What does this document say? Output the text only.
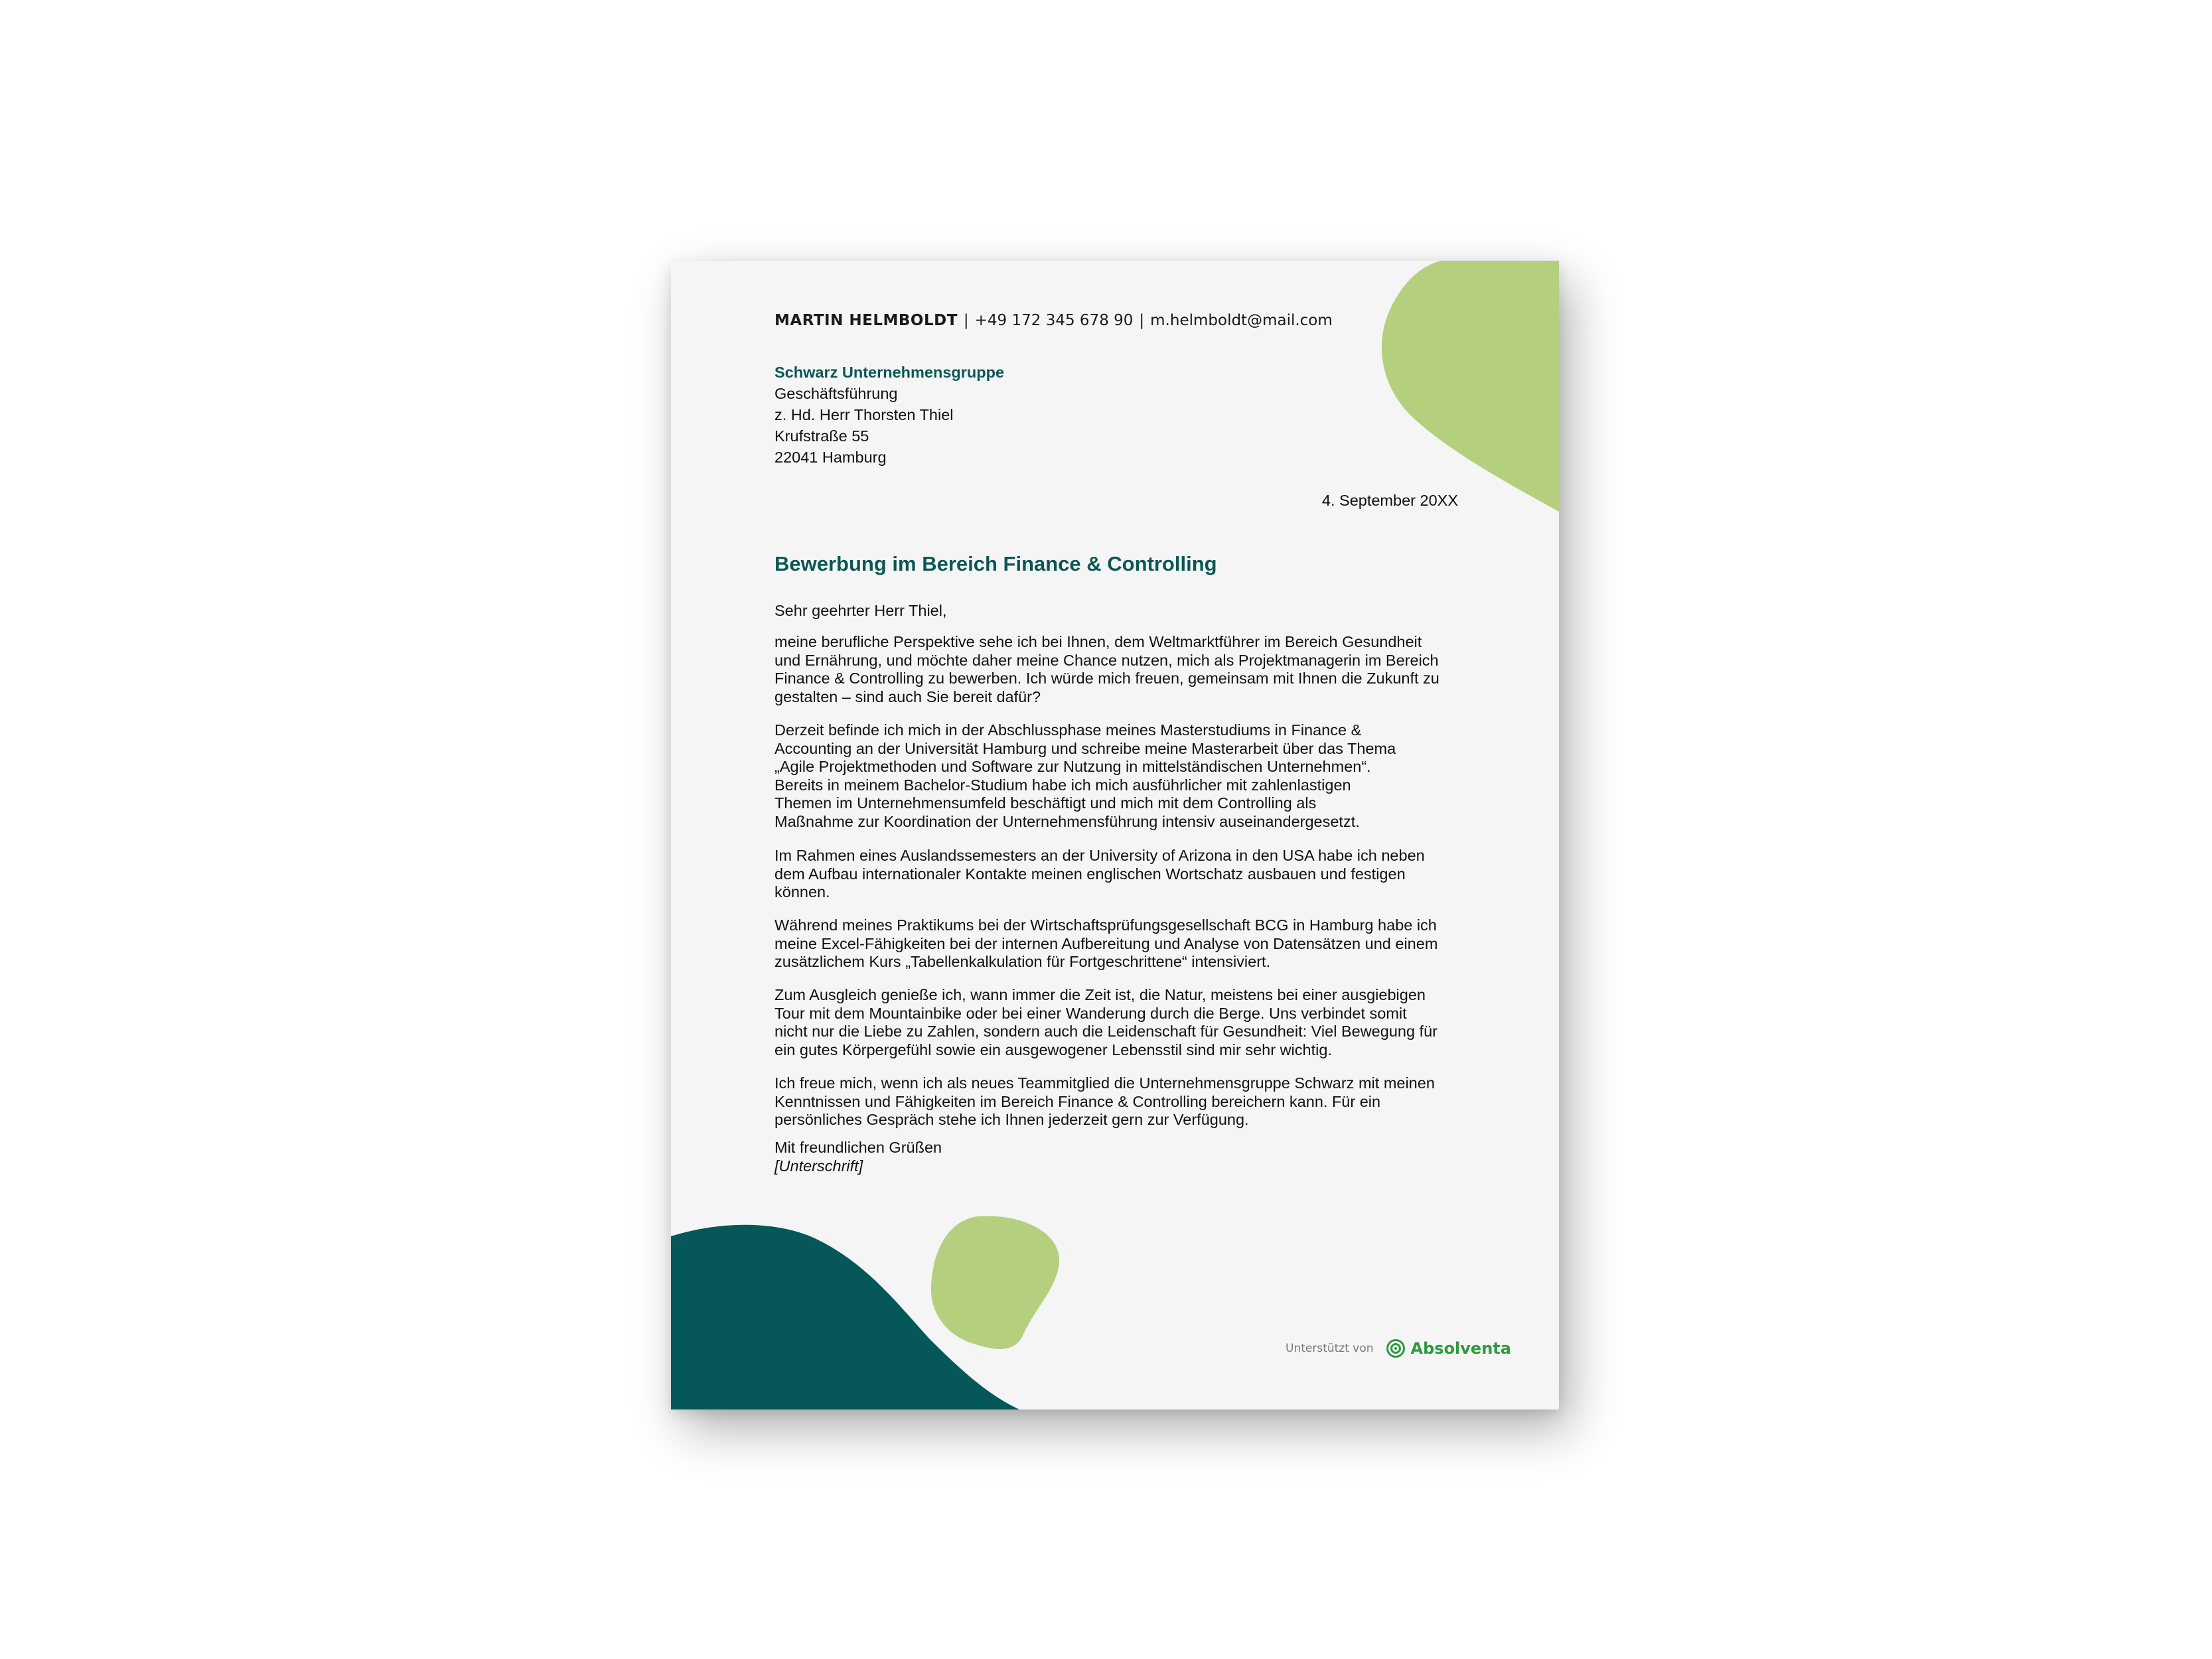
MARTIN HELMBOLDT | +49 172 345 678 90 | m.helmboldt@mail.com
Schwarz Unternehmensgruppe
Geschäftsführung
z. Hd. Herr Thorsten Thiel
Krufstraße 55
22041 Hamburg
4. September 20XX
Bewerbung im Bereich Finance & Controlling
Sehr geehrter Herr Thiel,

meine berufliche Perspektive sehe ich bei Ihnen, dem Weltmarktführer im Bereich Gesundheit
und Ernährung, und möchte daher meine Chance nutzen, mich als Projektmanagerin im Bereich
Finance & Controlling zu bewerben. Ich würde mich freuen, gemeinsam mit Ihnen die Zukunft zu
gestalten – sind auch Sie bereit dafür?

Derzeit befinde ich mich in der Abschlussphase meines Masterstudiums in Finance &
Accounting an der Universität Hamburg und schreibe meine Masterarbeit über das Thema
„Agile Projektmethoden und Software zur Nutzung in mittelständischen Unternehmen“.
Bereits in meinem Bachelor-Studium habe ich mich ausführlicher mit zahlenlastigen
Themen im Unternehmensumfeld beschäftigt und mich mit dem Controlling als
Maßnahme zur Koordination der Unternehmensführung intensiv auseinandergesetzt.

Im Rahmen eines Auslandssemesters an der University of Arizona in den USA habe ich neben
dem Aufbau internationaler Kontakte meinen englischen Wortschatz ausbauen und festigen
können.

Während meines Praktikums bei der Wirtschaftsprüfungsgesellschaft BCG in Hamburg habe ich
meine Excel-Fähigkeiten bei der internen Aufbereitung und Analyse von Datensätzen und einem
zusätzlichem Kurs „Tabellenkalkulation für Fortgeschrittene“ intensiviert.

Zum Ausgleich genieße ich, wann immer die Zeit ist, die Natur, meistens bei einer ausgiebigen
Tour mit dem Mountainbike oder bei einer Wanderung durch die Berge. Uns verbindet somit
nicht nur die Liebe zu Zahlen, sondern auch die Leidenschaft für Gesundheit: Viel Bewegung für
ein gutes Körpergefühl sowie ein ausgewogener Lebensstil sind mir sehr wichtig.

Ich freue mich, wenn ich als neues Teammitglied die Unternehmensgruppe Schwarz mit meinen
Kenntnissen und Fähigkeiten im Bereich Finance & Controlling bereichern kann. Für ein
persönliches Gespräch stehe ich Ihnen jederzeit gern zur Verfügung.

Mit freundlichen Grüßen
[Unterschrift]
Unterstützt von Absolventa
